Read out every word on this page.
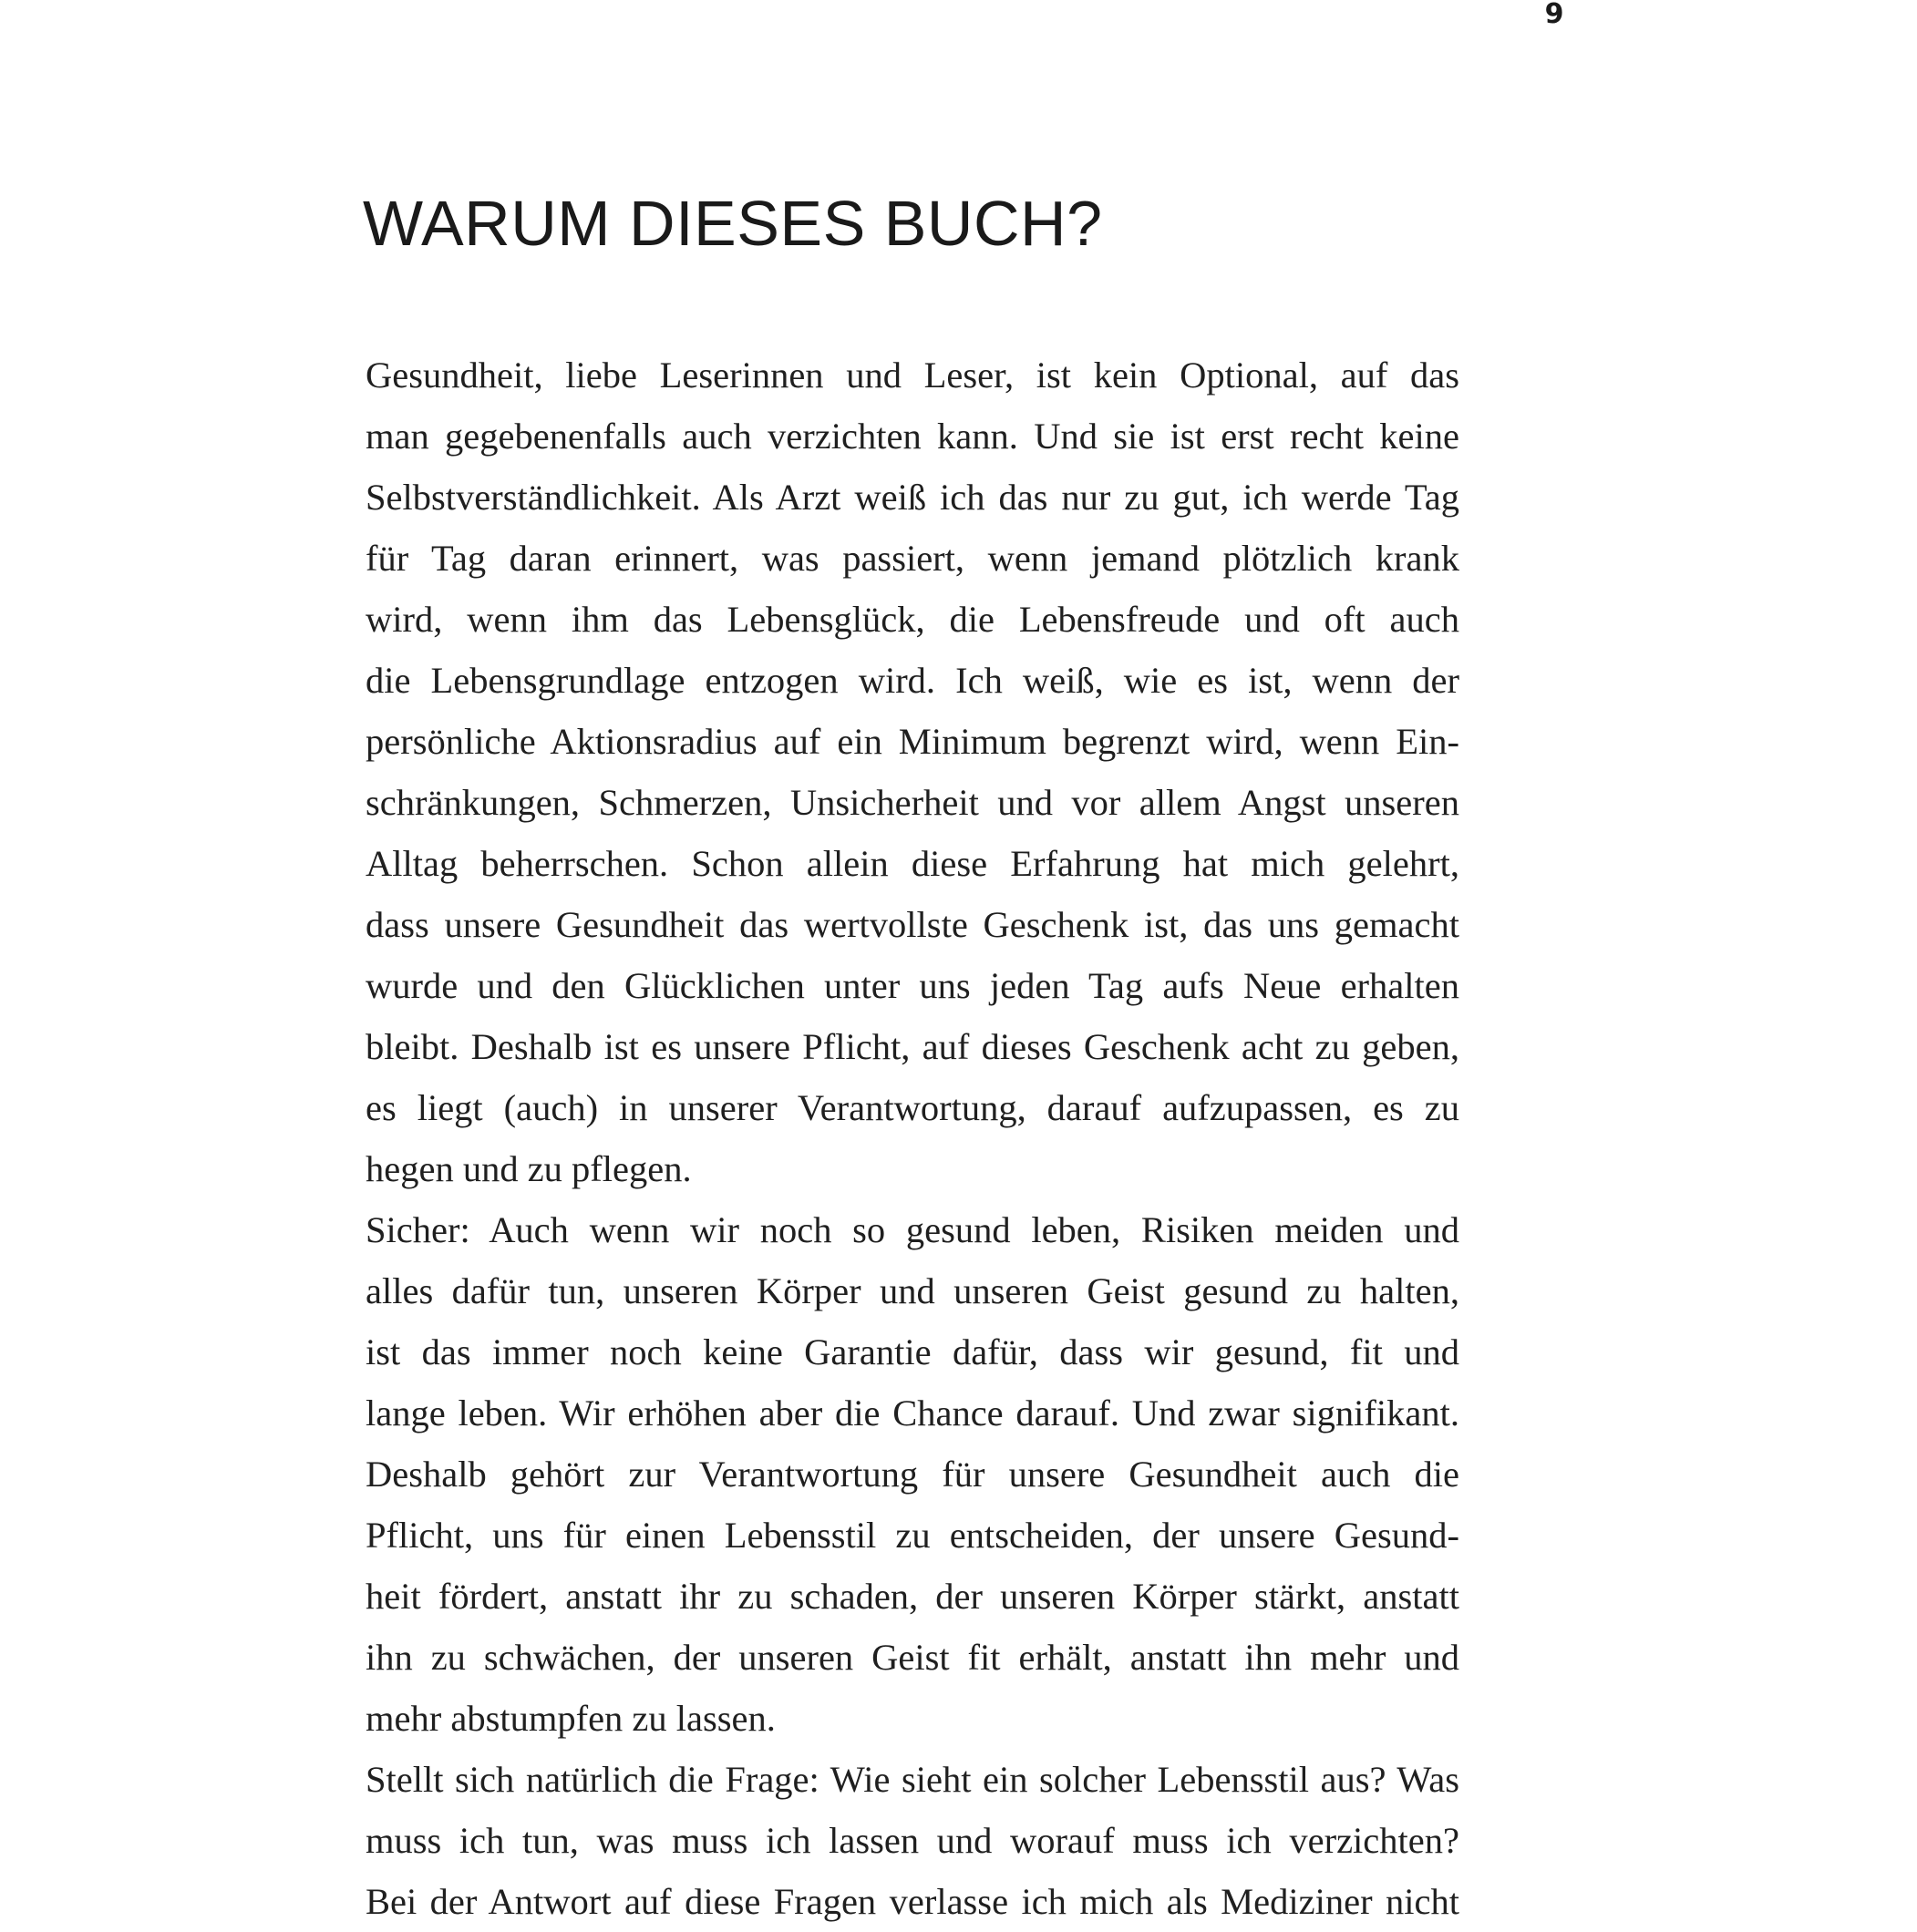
9
WARUM DIESES BUCH?
Gesundheit, liebe Leserinnen und Leser, ist kein Optional, auf das
man gegebenenfalls auch verzichten kann. Und sie ist erst recht keine
Selbstverständlichkeit. Als Arzt weiß ich das nur zu gut, ich werde Tag
für Tag daran erinnert, was passiert, wenn jemand plötzlich krank
wird, wenn ihm das Lebensglück, die Lebensfreude und oft auch
die Lebensgrundlage entzogen wird. Ich weiß, wie es ist, wenn der
persönliche Aktionsradius auf ein Minimum begrenzt wird, wenn Ein-
schränkungen, Schmerzen, Unsicherheit und vor allem Angst unseren
Alltag beherrschen. Schon allein diese Erfahrung hat mich gelehrt,
dass unsere Gesundheit das wertvollste Geschenk ist, das uns gemacht
wurde und den Glücklichen unter uns jeden Tag aufs Neue erhalten
bleibt. Deshalb ist es unsere Pflicht, auf dieses Geschenk acht zu geben,
es liegt (auch) in unserer Verantwortung, darauf aufzupassen, es zu
hegen und zu pflegen.
Sicher: Auch wenn wir noch so gesund leben, Risiken meiden und
alles dafür tun, unseren Körper und unseren Geist gesund zu halten,
ist das immer noch keine Garantie dafür, dass wir gesund, fit und
lange leben. Wir erhöhen aber die Chance darauf. Und zwar signifikant.
Deshalb gehört zur Verantwortung für unsere Gesundheit auch die
Pflicht, uns für einen Lebensstil zu entscheiden, der unsere Gesund-
heit fördert, anstatt ihr zu schaden, der unseren Körper stärkt, anstatt
ihn zu schwächen, der unseren Geist fit erhält, anstatt ihn mehr und
mehr abstumpfen zu lassen.
Stellt sich natürlich die Frage: Wie sieht ein solcher Lebensstil aus? Was
muss ich tun, was muss ich lassen und worauf muss ich verzichten?
Bei der Antwort auf diese Fragen verlasse ich mich als Mediziner nicht
